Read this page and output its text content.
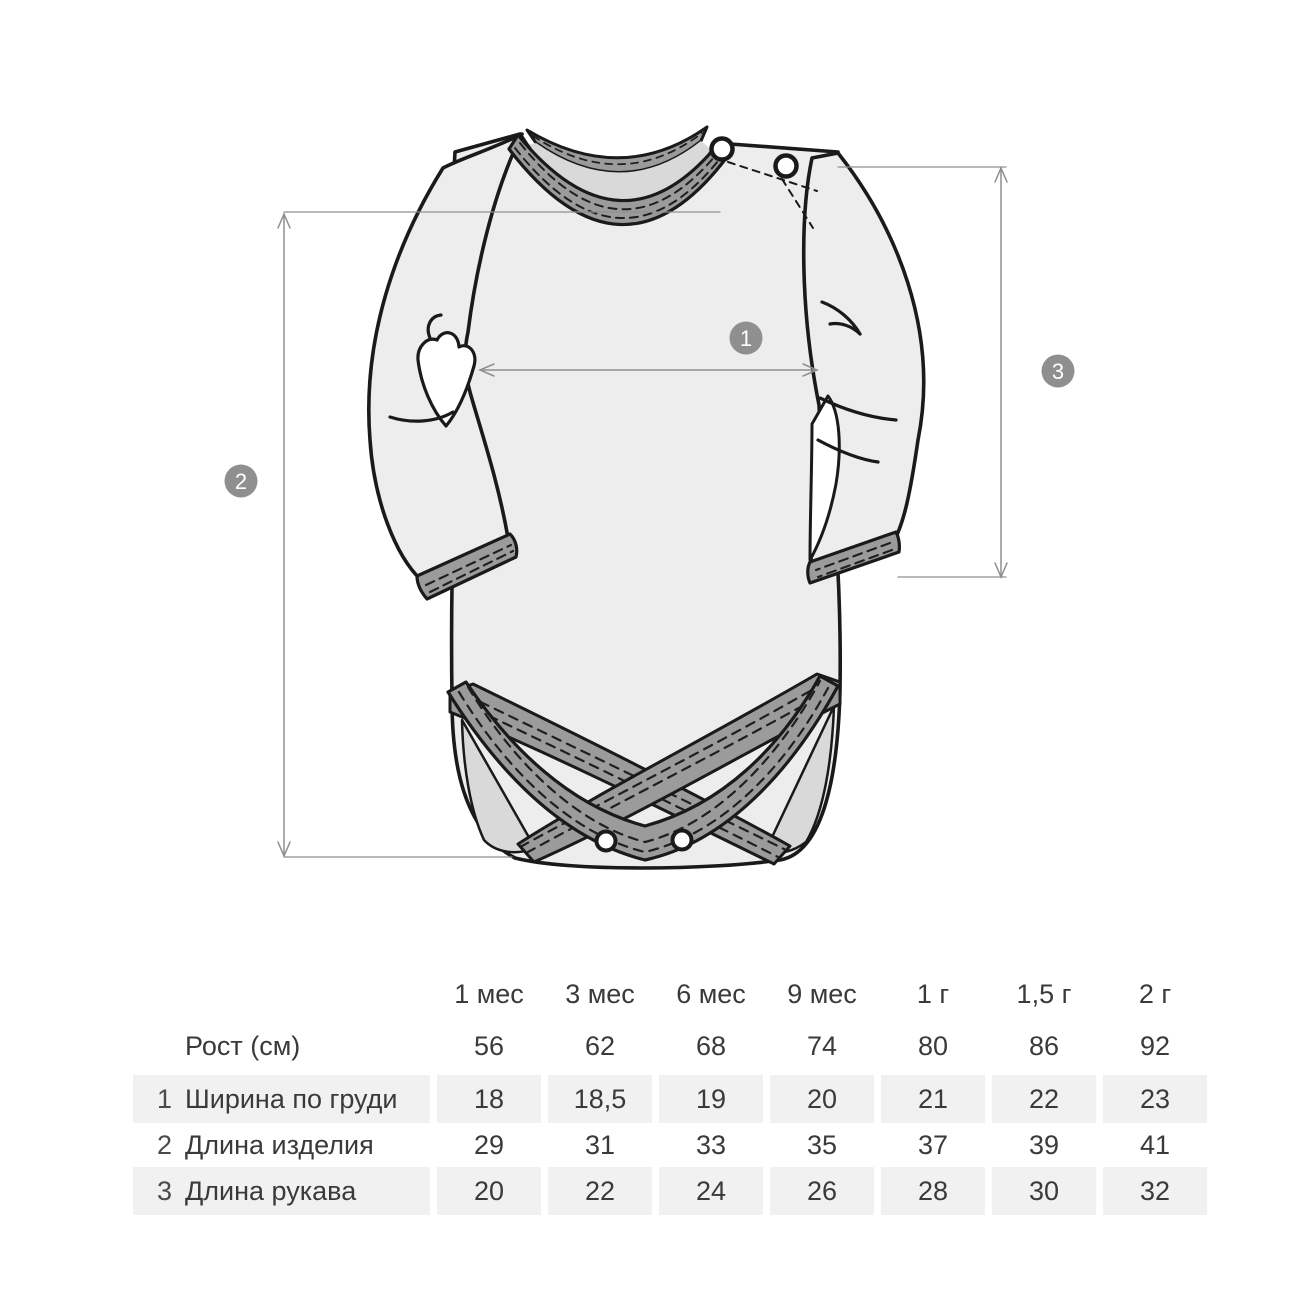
1
2
3
1 мес	3 мес	6 мес	9 мес	1 г	1,5 г	2 г
Рост (см)	56	62	68	74	80	86	92
1 Ширина по груди	18	18,5	19	20	21	22	23
2 Длина изделия	29	31	33	35	37	39	41
3 Длина рукава	20	22	24	26	28	30	32
